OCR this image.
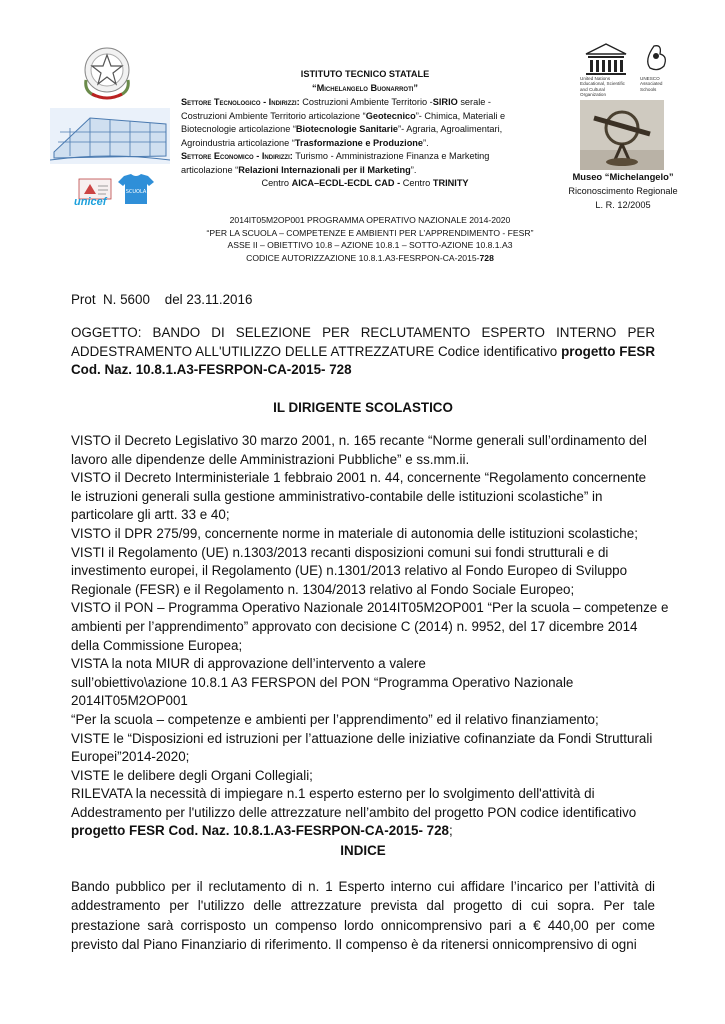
SCUOLA
unicef
United Nations Educational, Scientific and Cultural Organization
UNESCO Associated Schools
Museo “Michelangelo”
Riconoscimento Regionale
L. R. 12/2005
ISTITUTO TECNICO STATALE
“Michelangelo Buonarroti”
Settore Tecnologico - Indirizzi: Costruzioni Ambiente Territorio -SIRIO serale -
Costruzioni Ambiente Territorio articolazione “Geotecnico”- Chimica, Materiali e
Biotecnologie articolazione “Biotecnologie Sanitarie”- Agraria, Agroalimentari,
Agroindustria articolazione “Trasformazione e Produzione”.
Settore Economico - Indirizzi: Turismo - Amministrazione Finanza e Marketing
articolazione “Relazioni Internazionali per il Marketing”.
Centro AICA–ECDL-ECDL CAD - Centro TRINITY
2014IT05M2OP001 PROGRAMMA OPERATIVO NAZIONALE 2014-2020
“PER LA SCUOLA – COMPETENZE E AMBIENTI PER L’APPRENDIMENTO - FESR”
ASSE II – OBIETTIVO 10.8 – AZIONE 10.8.1 – SOTTO-AZIONE 10.8.1.A3
CODICE AUTORIZZAZIONE 10.8.1.A3-FESRPON-CA-2015-728
Prot  N. 5600    del 23.11.2016
OGGETTO: BANDO DI SELEZIONE PER RECLUTAMENTO ESPERTO INTERNO PER ADDESTRAMENTO ALL'UTILIZZO DELLE ATTREZZATURE Codice identificativo progetto FESR Cod. Naz. 10.8.1.A3-FESRPON-CA-2015- 728
IL DIRIGENTE SCOLASTICO
VISTO il Decreto Legislativo 30 marzo 2001, n. 165 recante “Norme generali sull’ordinamento del
lavoro alle dipendenze delle Amministrazioni Pubbliche” e ss.mm.ii.
VISTO il Decreto Interministeriale 1 febbraio 2001 n. 44, concernente “Regolamento concernente
le istruzioni generali sulla gestione amministrativo-contabile delle istituzioni scolastiche” in
particolare gli artt. 33 e 40;
VISTO il DPR 275/99, concernente norme in materiale di autonomia delle istituzioni scolastiche;
VISTI il Regolamento (UE) n.1303/2013 recanti disposizioni comuni sui fondi strutturali e di
investimento europei, il Regolamento (UE) n.1301/2013 relativo al Fondo Europeo di Sviluppo
Regionale (FESR) e il Regolamento n. 1304/2013 relativo al Fondo Sociale Europeo;
VISTO il PON – Programma Operativo Nazionale 2014IT05M2OP001 “Per la scuola – competenze e
ambienti per l’apprendimento” approvato con decisione C (2014) n. 9952, del 17 dicembre 2014
della Commissione Europea;
VISTA la nota MIUR di approvazione dell’intervento a valere
sull’obiettivo\azione 10.8.1 A3 FERSPON del PON “Programma Operativo Nazionale
2014IT05M2OP001
“Per la scuola – competenze e ambienti per l’apprendimento” ed il relativo finanziamento;
VISTE le “Disposizioni ed istruzioni per l’attuazione delle iniziative cofinanziate da Fondi Strutturali
Europei”2014-2020;
VISTE le delibere degli Organi Collegiali;
RILEVATA la necessità di impiegare n.1 esperto esterno per lo svolgimento dell'attività di
Addestramento per l'utilizzo delle attrezzature nell’ambito del progetto PON codice identificativo
progetto FESR Cod. Naz. 10.8.1.A3-FESRPON-CA-2015- 728;
INDICE
Bando pubblico per il reclutamento di n. 1 Esperto interno cui affidare l’incarico per l’attività di addestramento per l'utilizzo delle attrezzature prevista dal progetto di cui sopra. Per tale prestazione sarà corrisposto un compenso lordo onnicomprensivo pari a € 440,00 per come previsto dal Piano Finanziario di riferimento. Il compenso è da ritenersi onnicomprensivo di ogni
